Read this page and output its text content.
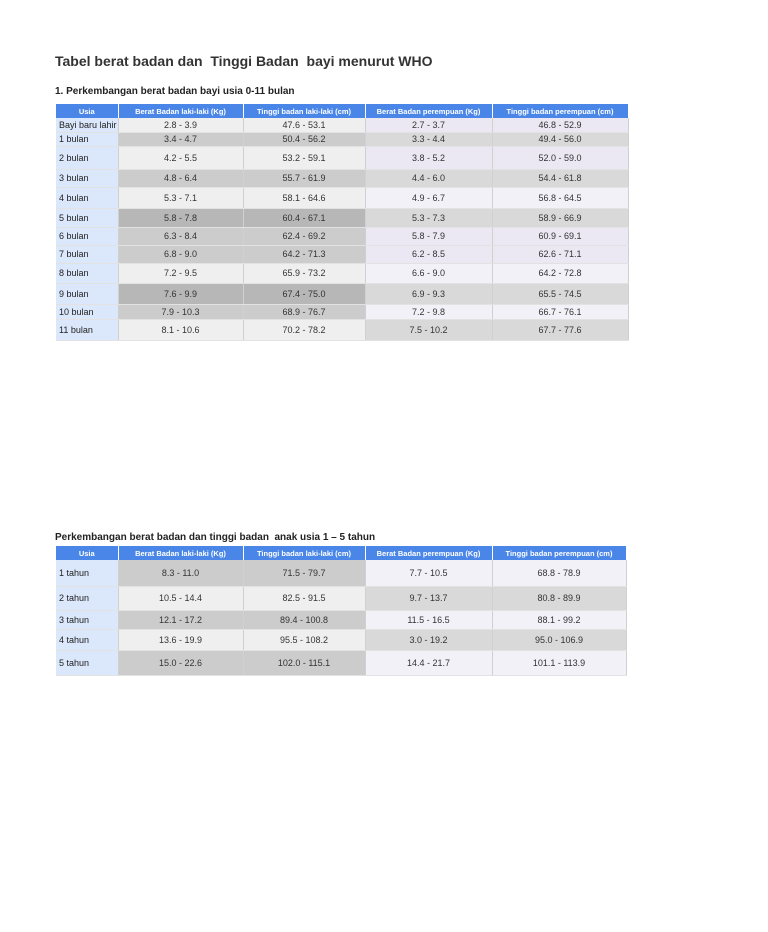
Tabel berat badan dan  Tinggi Badan  bayi menurut WHO
1. Perkembangan berat badan bayi usia 0-11 bulan
Usia	Berat Badan laki-laki (Kg)	Tinggi badan laki-laki (cm)	Berat Badan perempuan (Kg)	Tinggi badan perempuan (cm)
Bayi baru lahir	2.8 - 3.9	47.6 - 53.1	2.7 - 3.7	46.8 - 52.9
1 bulan	3.4 - 4.7	50.4 - 56.2	3.3 - 4.4	49.4 - 56.0
2 bulan	4.2 - 5.5	53.2 - 59.1	3.8 - 5.2	52.0 - 59.0
3 bulan	4.8 - 6.4	55.7 - 61.9	4.4 - 6.0	54.4 - 61.8
4 bulan	5.3 - 7.1	58.1 - 64.6	4.9 - 6.7	56.8 - 64.5
5 bulan	5.8 - 7.8	60.4 - 67.1	5.3 - 7.3	58.9 - 66.9
6 bulan	6.3 - 8.4	62.4 - 69.2	5.8 - 7.9	60.9 - 69.1
7 bulan	6.8 - 9.0	64.2 - 71.3	6.2 - 8.5	62.6 - 71.1
8 bulan	7.2 - 9.5	65.9 - 73.2	6.6 - 9.0	64.2 - 72.8
9 bulan	7.6 - 9.9	67.4 - 75.0	6.9 - 9.3	65.5 - 74.5
10 bulan	7.9 - 10.3	68.9 - 76.7	7.2 - 9.8	66.7 - 76.1
11 bulan	8.1 - 10.6	70.2 - 78.2	7.5 - 10.2	67.7 - 77.6
Perkembangan berat badan dan tinggi badan  anak usia 1 – 5 tahun
Usia	Berat Badan laki-laki (Kg)	Tinggi badan laki-laki (cm)	Berat Badan perempuan (Kg)	Tinggi badan perempuan (cm)
1 tahun	8.3 - 11.0	71.5 - 79.7	7.7 - 10.5	68.8 - 78.9
2 tahun	10.5 - 14.4	82.5 - 91.5	9.7 - 13.7	80.8 - 89.9
3 tahun	12.1 - 17.2	89.4 - 100.8	11.5 - 16.5	88.1 - 99.2
4 tahun	13.6 - 19.9	95.5 - 108.2	3.0 - 19.2	95.0 - 106.9
5 tahun	15.0 - 22.6	102.0 - 115.1	14.4 - 21.7	101.1 - 113.9
